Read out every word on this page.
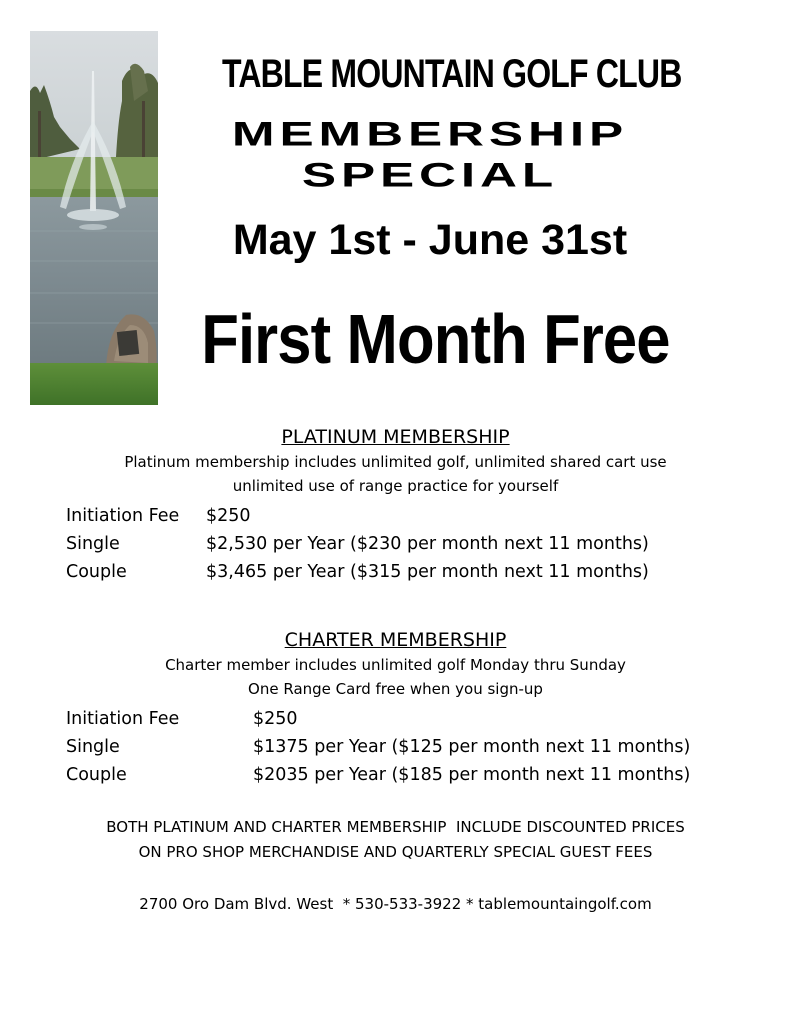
TABLE MOUNTAIN GOLF CLUB

MEMBERSHIP

SPECIAL

May 1st - June 31st

First Month Free

PLATINUM MEMBERSHIP

Platinum membership includes unlimited golf, unlimited shared cart use

unlimited use of range practice for yourself

Initiation Fee $250
Single	$2,530 per Year ($230 per month next 11 months)
Couple	$3,465 per Year ($315 per month next 11 months)

CHARTER MEMBERSHIP

Charter member includes unlimited golf Monday thru Sunday

One Range Card free when you sign-up

Initiation Fee	$250
Single	$1375 per Year ($125 per month next 11 months)
Couple	$2035 per Year ($185 per month next 11 months)

BOTH PLATINUM AND CHARTER MEMBERSHIP  INCLUDE DISCOUNTED PRICES

ON PRO SHOP MERCHANDISE AND QUARTERLY SPECIAL GUEST FEES

2700 Oro Dam Blvd. West  * 530-533-3922 * tablemountaingolf.com
